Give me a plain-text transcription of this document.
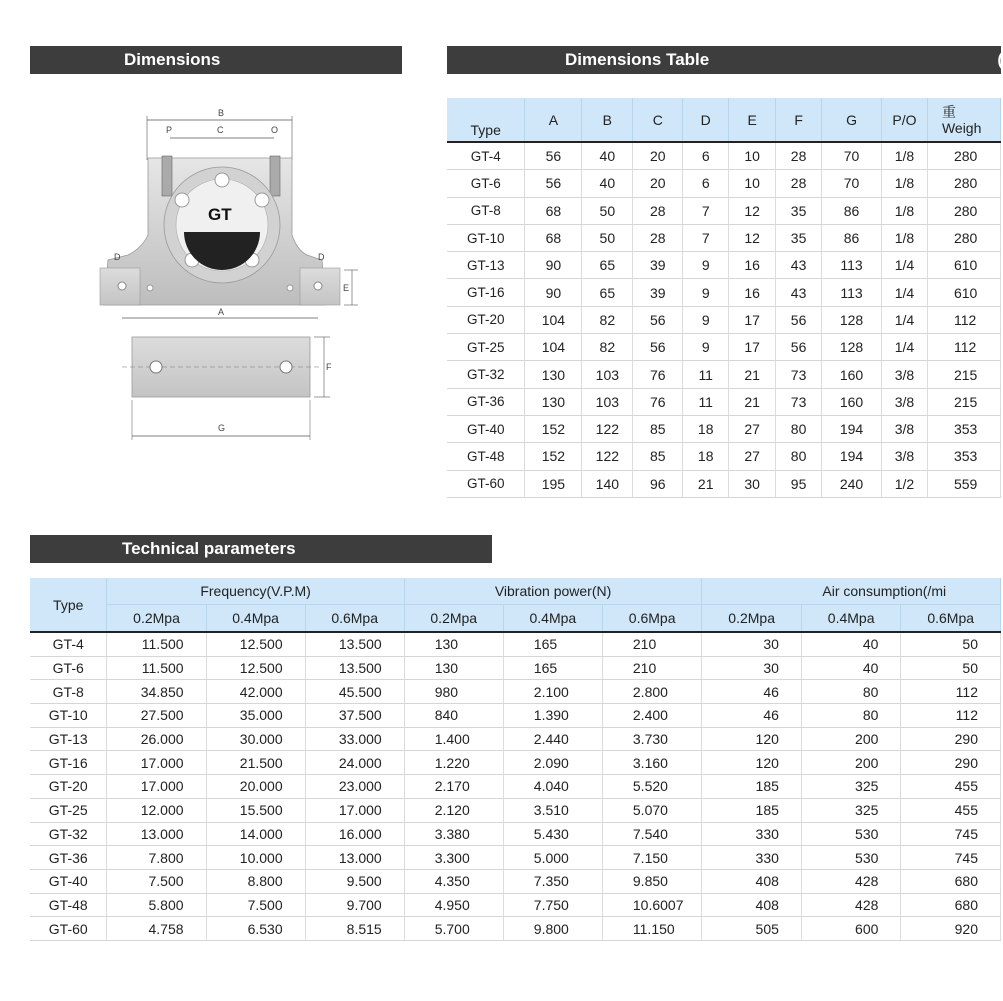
Dimensions	Dimensions Table	(
Technical parameters
B
P	C	O
GT
D	D
E
A
F
G
Type	A	B	C	D	E	F	G	P/O	重
Weigh

GT-4	56	40	20	6	10	28	70	1/8	280
GT-6	56	40	20	6	10	28	70	1/8	280
GT-8	68	50	28	7	12	35	86	1/8	280
GT-10	68	50	28	7	12	35	86	1/8	280
GT-13	90	65	39	9	16	43	113	1/4	610
GT-16	90	65	39	9	16	43	113	1/4	610
GT-20	104	82	56	9	17	56	128	1/4	112
GT-25	104	82	56	9	17	56	128	1/4	112
GT-32	130	103	76	11	21	73	160	3/8	215
GT-36	130	103	76	11	21	73	160	3/8	215
GT-40	152	122	85	18	27	80	194	3/8	353
GT-48	152	122	85	18	27	80	194	3/8	353
GT-60	195	140	96	21	30	95	240	1/2	559
Type	Frequency(V.P.M)			Vibration power(N)			Air consumption(/mi		
	0.2Mpa	0.4Mpa	0.6Mpa	0.2Mpa	0.4Mpa	0.6Mpa	0.2Mpa	0.4Mpa	0.6Mpa
GT-4	11.500	12.500	13.500	130	165	210	30	40	50
GT-6	11.500	12.500	13.500	130	165	210	30	40	50
GT-8	34.850	42.000	45.500	980	2.100	2.800	46	80	112
GT-10	27.500	35.000	37.500	840	1.390	2.400	46	80	112
GT-13	26.000	30.000	33.000	1.400	2.440	3.730	120	200	290
GT-16	17.000	21.500	24.000	1.220	2.090	3.160	120	200	290
GT-20	17.000	20.000	23.000	2.170	4.040	5.520	185	325	455
GT-25	12.000	15.500	17.000	2.120	3.510	5.070	185	325	455
GT-32	13.000	14.000	16.000	3.380	5.430	7.540	330	530	745
GT-36	7.800	10.000	13.000	3.300	5.000	7.150	330	530	745
GT-40	7.500	8.800	9.500	4.350	7.350	9.850	408	428	680
GT-48	5.800	7.500	9.700	4.950	7.750	10.6007	408	428	680
GT-60	4.758	6.530	8.515	5.700	9.800	11.150	505	600	920
